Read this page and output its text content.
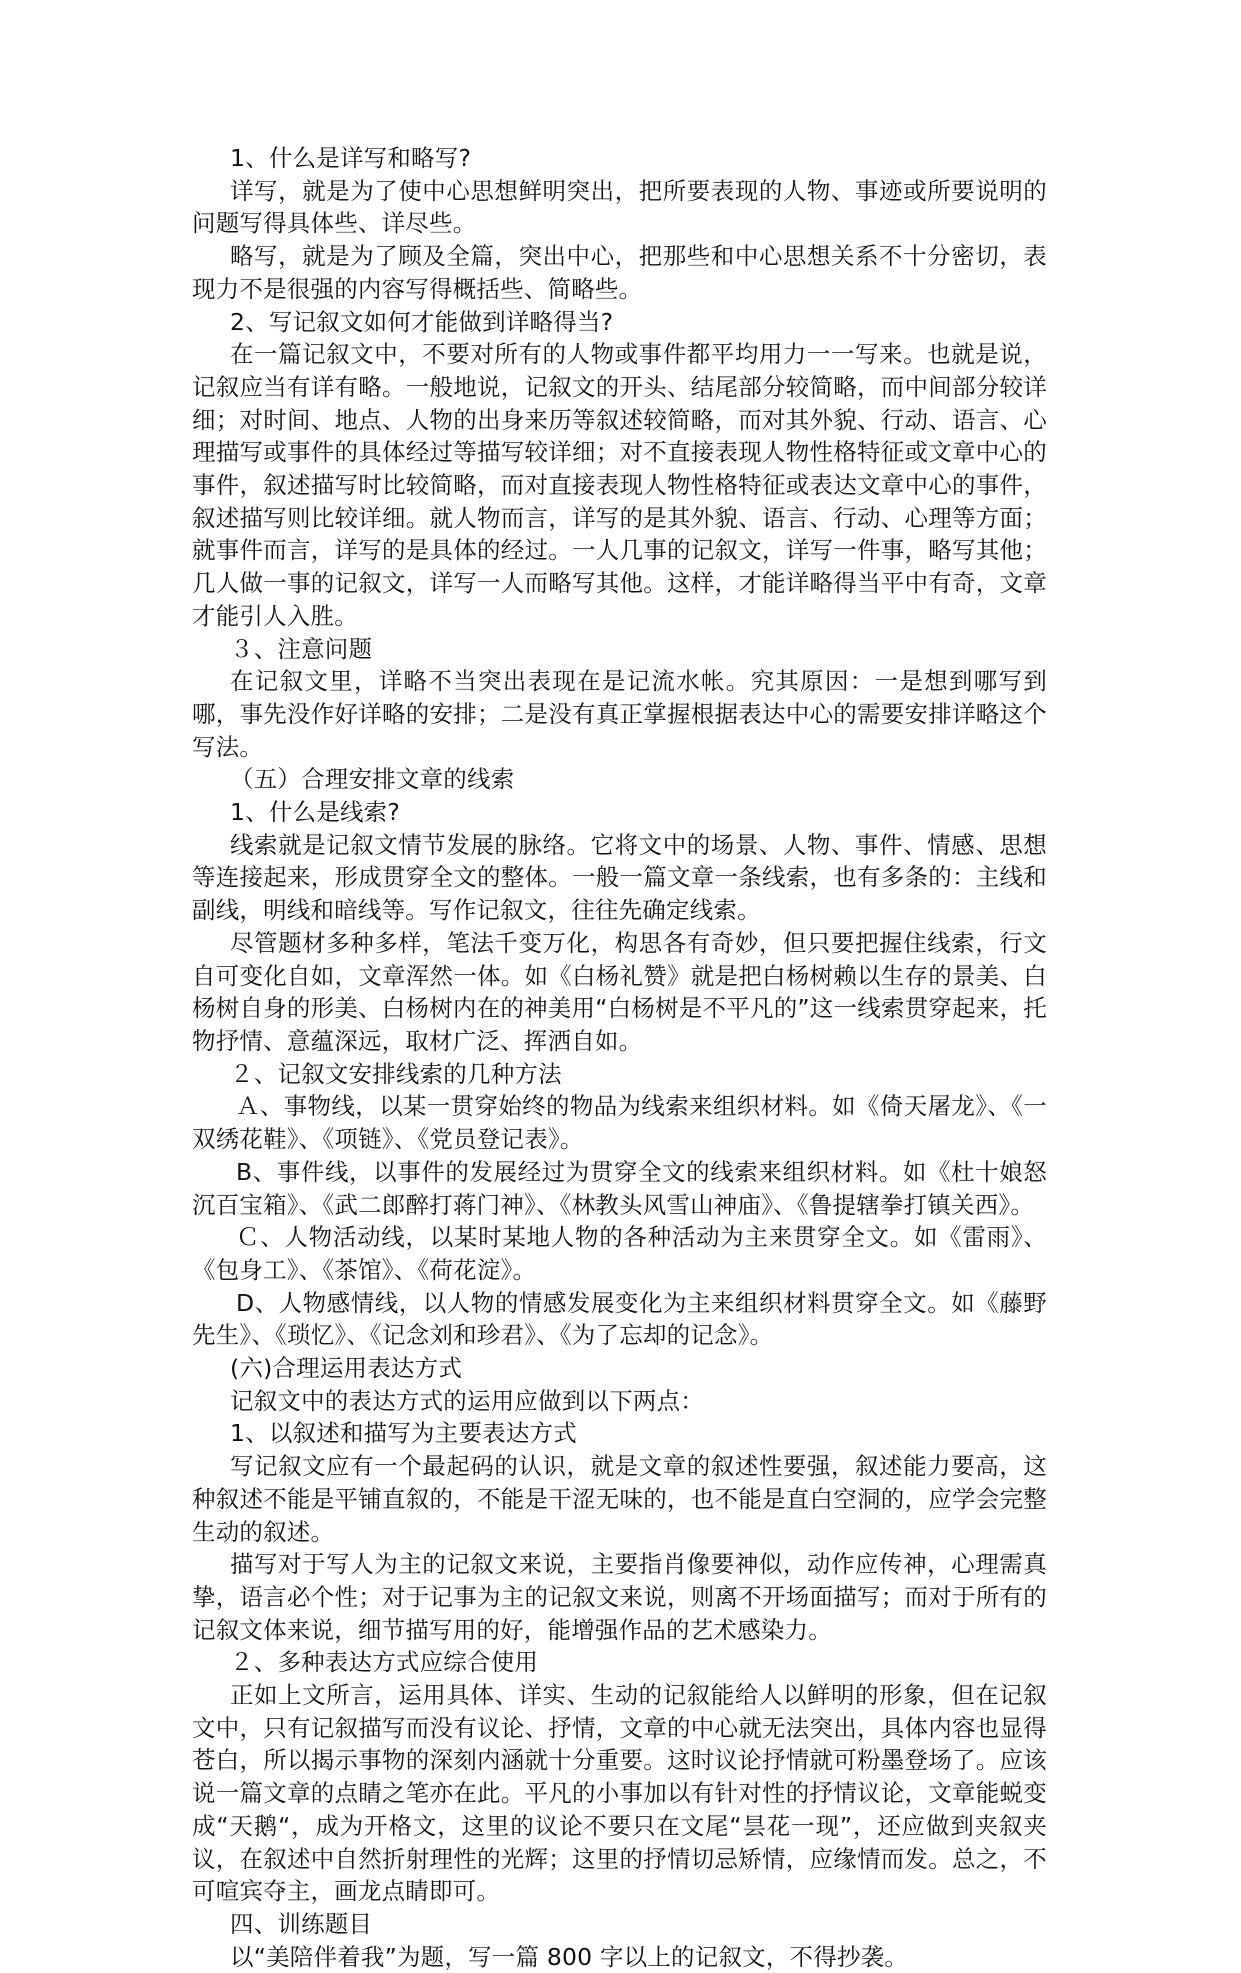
1、什么是详写和略写?

详写，就是为了使中心思想鲜明突出，把所要表现的人物、事迹或所要说明的问题写得具体些、详尽些。

略写，就是为了顾及全篇，突出中心，把那些和中心思想关系不十分密切，表现力不是很强的内容写得概括些、简略些。

2、写记叙文如何才能做到详略得当?

在一篇记叙文中，不要对所有的人物或事件都平均用力一一写来。也就是说，记叙应当有详有略。一般地说，记叙文的开头、结尾部分较简略，而中间部分较详细；对时间、地点、人物的出身来历等叙述较简略，而对其外貌、行动、语言、心理描写或事件的具体经过等描写较详细；对不直接表现人物性格特征或文章中心的事件，叙述描写时比较简略，而对直接表现人物性格特征或表达文章中心的事件，叙述描写则比较详细。就人物而言，详写的是其外貌、语言、行动、心理等方面；就事件而言，详写的是具体的经过。一人几事的记叙文，详写一件事，略写其他；几人做一事的记叙文，详写一人而略写其他。这样，才能详略得当平中有奇，文章才能引人入胜。

３、注意问题

在记叙文里，详略不当突出表现在是记流水帐。究其原因：一是想到哪写到哪，事先没作好详略的安排；二是没有真正掌握根据表达中心的需要安排详略这个写法。

（五）合理安排文章的线索

1、什么是线索?

线索就是记叙文情节发展的脉络。它将文中的场景、人物、事件、情感、思想等连接起来，形成贯穿全文的整体。一般一篇文章一条线索，也有多条的：主线和副线，明线和暗线等。写作记叙文，往往先确定线索。

尽管题材多种多样，笔法千变万化，构思各有奇妙，但只要把握住线索，行文自可变化自如，文章浑然一体。如《白杨礼赞》就是把白杨树赖以生存的景美、白杨树自身的形美、白杨树内在的神美用“白杨树是不平凡的”这一线索贯穿起来，托物抒情、意蕴深远，取材广泛、挥洒自如。

２、记叙文安排线索的几种方法

Ａ、事物线，以某一贯穿始终的物品为线索来组织材料。如《倚天屠龙》、《一双绣花鞋》、《项链》、《党员登记表》。

B、事件线，以事件的发展经过为贯穿全文的线索来组织材料。如《杜十娘怒沉百宝箱》、《武二郎醉打蒋门神》、《林教头风雪山神庙》、《鲁提辖拳打镇关西》。

Ｃ、人物活动线，以某时某地人物的各种活动为主来贯穿全文。如《雷雨》、《包身工》、《茶馆》、《荷花淀》。

D、人物感情线，以人物的情感发展变化为主来组织材料贯穿全文。如《藤野先生》、《琐忆》、《记念刘和珍君》、《为了忘却的记念》。

(六)合理运用表达方式

记叙文中的表达方式的运用应做到以下两点：

1、以叙述和描写为主要表达方式

写记叙文应有一个最起码的认识，就是文章的叙述性要强，叙述能力要高，这种叙述不能是平铺直叙的，不能是干涩无味的，也不能是直白空洞的，应学会完整生动的叙述。

描写对于写人为主的记叙文来说，主要指肖像要神似，动作应传神，心理需真挚，语言必个性；对于记事为主的记叙文来说，则离不开场面描写；而对于所有的记叙文体来说，细节描写用的好，能增强作品的艺术感染力。

２、多种表达方式应综合使用

正如上文所言，运用具体、详实、生动的记叙能给人以鲜明的形象，但在记叙文中，只有记叙描写而没有议论、抒情，文章的中心就无法突出，具体内容也显得苍白，所以揭示事物的深刻内涵就十分重要。这时议论抒情就可粉墨登场了。应该说一篇文章的点睛之笔亦在此。平凡的小事加以有针对性的抒情议论，文章能蜕变成“天鹅“，成为开格文，这里的议论不要只在文尾“昙花一现”，还应做到夹叙夹议，在叙述中自然折射理性的光辉；这里的抒情切忌矫情，应缘情而发。总之，不可喧宾夺主，画龙点睛即可。

四、训练题目

以“美陪伴着我”为题，写一篇 800 字以上的记叙文，不得抄袭。
